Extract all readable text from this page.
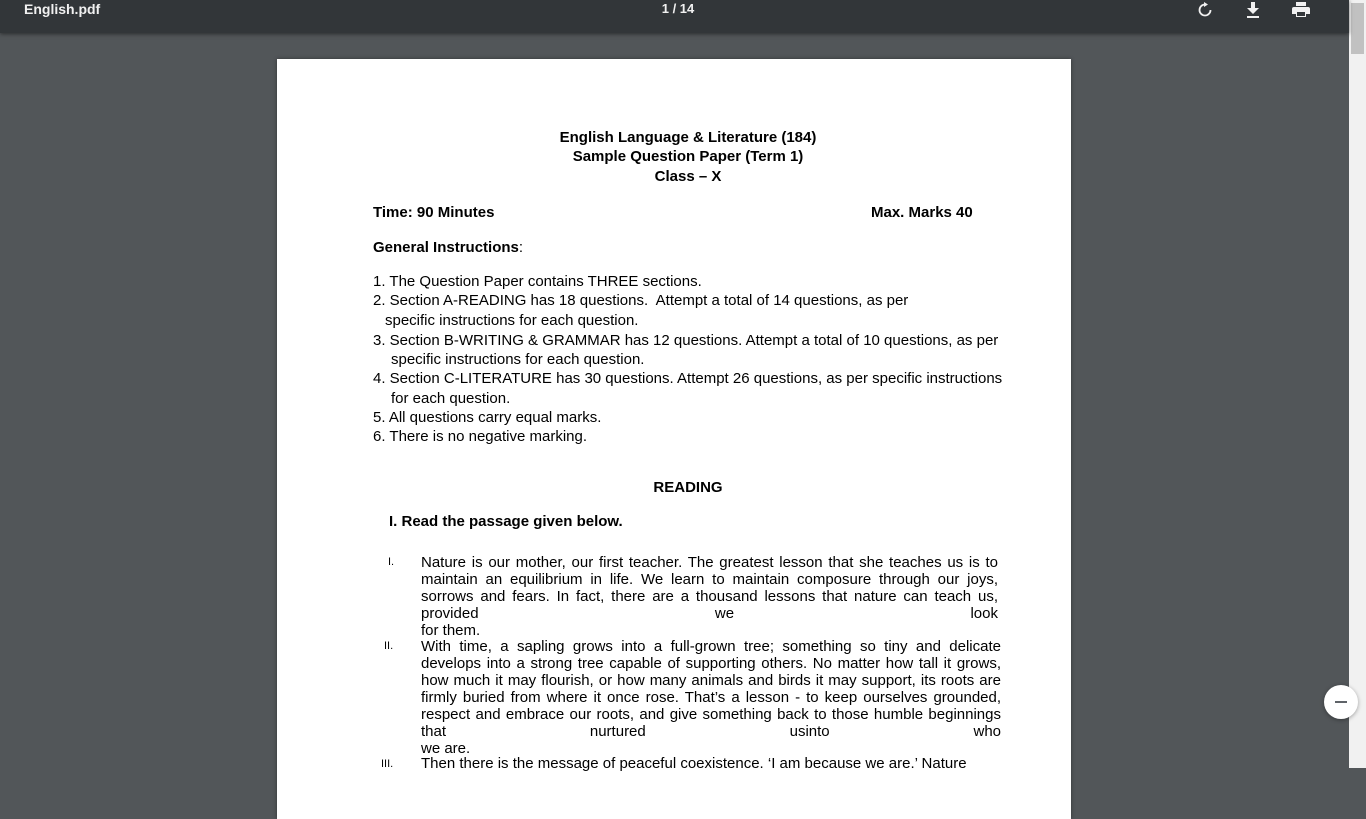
English.pdf	1 / 14
English Language & Literature (184)
Sample Question Paper (Term 1)
Class – X
Time: 90 Minutes	Max. Marks 40
General Instructions:
1. The Question Paper contains THREE sections.
2. Section A-READING has 18 questions.  Attempt a total of 14 questions, as per
specific instructions for each question.
3. Section B-WRITING & GRAMMAR has 12 questions. Attempt a total of 10 questions, as per
specific instructions for each question.
4. Section C-LITERATURE has 30 questions. Attempt 26 questions, as per specific instructions
for each question.
5. All questions carry equal marks.
6. There is no negative marking.
READING
I. Read the passage given below.
I. Nature is our mother, our first teacher. The greatest lesson that she teaches us is to maintain an equilibrium in life. We learn to maintain composure through our joys, sorrows and fears. In fact, there are a thousand lessons that nature can teach us, provided we look
for them.
II. With time, a sapling grows into a full-grown tree; something so tiny and delicate develops into a strong tree capable of supporting others. No matter how tall it grows, how much it may flourish, or how many animals and birds it may support, its roots are firmly buried from where it once rose. That’s a lesson - to keep ourselves grounded, respect and embrace our roots, and give something back to those humble beginnings that nurtured usinto who
we are.
III. Then there is the message of peaceful coexistence. ‘I am because we are.’ Nature
